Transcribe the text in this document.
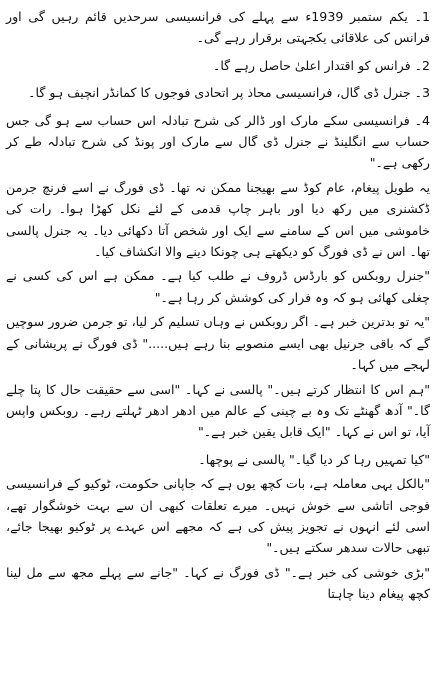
1۔ یکم ستمبر 1939ء سے پہلے کی فرانسیسی سرحدیں قائم رہیں گی اور فرانس کی علاقائی یکجہتی برقرار رہے گی۔

2۔ فرانس کو اقتدار اعلیٰ حاصل رہے گا۔

3۔ جنرل ڈی گال، فرانسیسی محاذ پر اتحادی فوجوں کا کمانڈر انچیف ہو گا۔

4۔ فرانسیسی سکے مارک اور ڈالر کی شرح تبادلہ اس حساب سے ہو گی جس حساب سے انگلینڈ نے جنرل ڈی گال سے مارک اور پونڈ کی شرح تبادلہ طے کر رکھی ہے۔"

یہ طویل پیغام، عام کوڈ سے بھیجنا ممکن نہ تھا۔ ڈی فورگ نے اسے فرنچ جرمن ڈکشنری میں رکھ دیا اور باہر چاپ قدمی کے لئے نکل کھڑا ہوا۔ رات کی خاموشی میں اس کے سامنے سے ایک اور شخص آتا دکھائی دیا۔ یہ جنرل پالسی تھا۔ اس نے ڈی فورگ کو دیکھتے ہی چونکا دینے والا انکشاف کیا۔

"جنرل روبکس کو بارڈس ڈروف نے طلب کیا ہے۔ ممکن ہے اس کی کسی نے چغلی کھائی ہو کہ وہ فرار کی کوشش کر رہا ہے۔"

"یہ تو بدترین خبر ہے۔ اگر روبکس نے وہاں تسلیم کر لیا، تو جرمن ضرور سوچیں گے کہ باقی جرنیل بھی ایسے منصوبے بنا رہے ہیں....." ڈی فورگ نے پریشانی کے لہجے میں کہا۔

"ہم اس کا انتظار کرتے ہیں۔" پالسی نے کہا۔ "اسی سے حقیقت حال کا پتا چلے گا۔" آدھ گھنٹے تک وہ بے چینی کے عالم میں ادھر ادھر ٹہلتے رہے۔ روبکس واپس آیا، تو اس نے کہا۔ "ایک قابل یقین خبر ہے۔"

"کیا تمہیں رہا کر دیا گیا۔" پالسی نے پوچھا۔

"بالکل یہی معاملہ ہے، بات کچھ یوں ہے کہ جاپانی حکومت، ٹوکیو کے فرانسیسی فوجی اتاشی سے خوش نہیں۔ میرے تعلقات کبھی ان سے بہت خوشگوار تھے، اسی لئے انہوں نے تجویز پیش کی ہے کہ مجھے اس عہدے پر ٹوکیو بھیجا جائے، تبھی حالات سدھر سکتے ہیں۔"

"بڑی خوشی کی خبر ہے۔" ڈی فورگ نے کہا۔ "جانے سے پہلے مجھ سے مل لینا کچھ پیغام دینا چاہتا
